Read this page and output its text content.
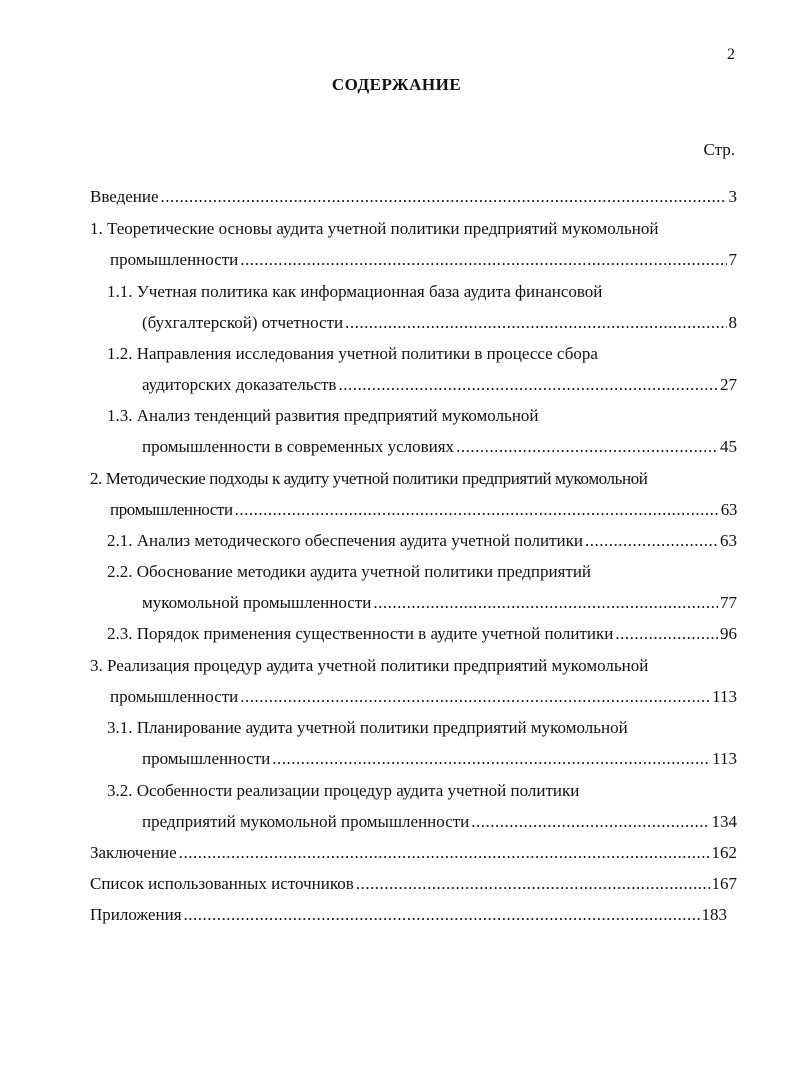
2
СОДЕРЖАНИЕ
Стр.
Введение .....	3
1. Теоретические основы аудита учетной политики предприятий мукомольной
промышленности .....	7
1.1. Учетная политика как информационная база аудита финансовой
(бухгалтерской) отчетности .....	8
1.2. Направления исследования учетной политики в процессе сбора
аудиторских доказательств .....	27
1.3. Анализ тенденций развития предприятий мукомольной
промышленности в современных условиях .....	45
2. Методические подходы к аудиту учетной политики предприятий мукомольной
промышленности .....	63
2.1. Анализ методического обеспечения аудита учетной политики .....	63
2.2. Обоснование методики аудита учетной политики предприятий
мукомольной промышленности .....	77
2.3. Порядок применения существенности в аудите учетной политики .....	96
3. Реализация процедур аудита учетной политики предприятий мукомольной
промышленности .....	113
3.1. Планирование аудита учетной политики предприятий мукомольной
промышленности .....	113
3.2. Особенности реализации процедур аудита учетной политики
предприятий мукомольной промышленности .....	134
Заключение .....	162
Список использованных источников .....	167
Приложения .....	183
